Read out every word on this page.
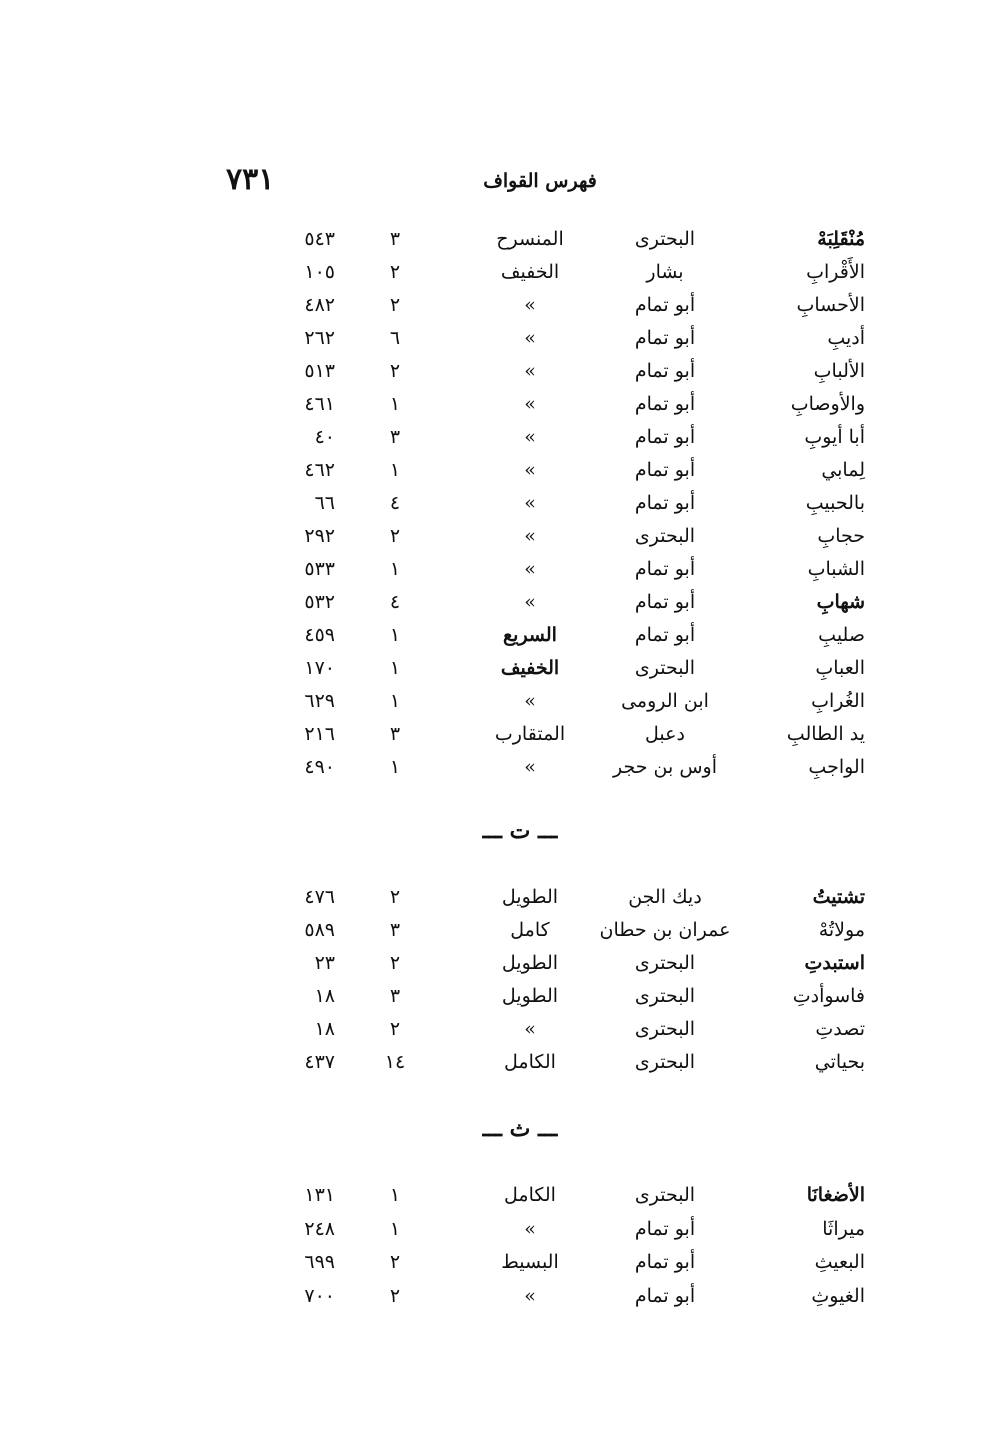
٧٣١	فهرس القواف
مُنْقَلِبَهْ
البحترى
المنسرح
٣
٥٤٣
الأَقْرابِ
بشار
الخفيف
٢
١٠٥
الأحسابِ
أبو تمام
»
٢
٤٨٢
أديبِ
أبو تمام
»
٦
٢٦٢
الألبابِ
أبو تمام
»
٢
٥١٣
والأوصابِ
أبو تمام
»
١
٤٦١
أبا أيوبِ
أبو تمام
»
٣
٤٠
لِمابي
أبو تمام
»
١
٤٦٢
بالحبيبِ
أبو تمام
»
٤
٦٦
حجابِ
البحترى
»
٢
٢٩٢
الشبابِ
أبو تمام
»
١
٥٣٣
شهابِ
أبو تمام
»
٤
٥٣٢
صليبِ
أبو تمام
السريع
١
٤٥٩
العبابِ
البحترى
الخفيف
١
١٧٠
الغُرابِ
ابن الرومى
»
١
٦٢٩
يد الطالبِ
دعبل
المتقارب
٣
٢١٦
الواجبِ
أوس بن حجر
»
١
٤٩٠
ـــ ت ـــ
تشتيتُ
ديك الجن
الطويل
٢
٤٧٦
مولاتُهْ
عمران بن حطان
كامل
٣
٥٨٩
استبدتِ
البحترى
الطويل
٢
٢٣
فاسوأدتِ
البحترى
الطويل
٣
١٨
تصدتِ
البحترى
»
٢
١٨
بحياتي
البحترى
الكامل
١٤
٤٣٧
ـــ ث ـــ
الأضغانَا
البحترى
الكامل
١
١٣١
ميراثَا
أبو تمام
»
١
٢٤٨
البعيثِ
أبو تمام
البسيط
٢
٦٩٩
الغيوثِ
أبو تمام
»
٢
٧٠٠
